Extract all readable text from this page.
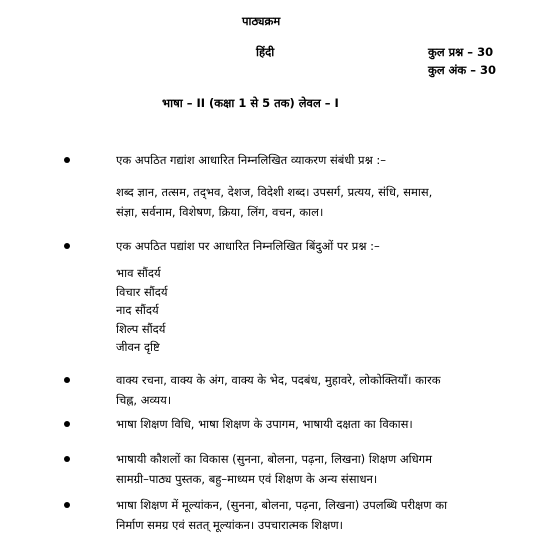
पाठ्यक्रम
हिंदी	कुल प्रश्न – 30
कुल अंक – 30
भाषा – II (कक्षा 1 से 5 तक) लेवल – I
एक अपठित गद्यांश आधारित निम्नलिखित व्याकरण संबंधी प्रश्न :–
शब्द ज्ञान, तत्सम, तद्‌भव, देशज, विदेशी शब्द। उपसर्ग, प्रत्यय, संधि, समास,
संज्ञा, सर्वनाम, विशेषण, क्रिया, लिंग, वचन, काल।
एक अपठित पद्यांश पर आधारित निम्नलिखित बिंदुओं पर प्रश्न :–
भाव सौंदर्य
विचार सौंदर्य
नाद सौंदर्य
शिल्प सौंदर्य
जीवन दृष्टि
वाक्य रचना, वाक्य के अंग, वाक्य के भेद, पदबंध, मुहावरे, लोकोक्तियाँ। कारक
चिह्न, अव्यय।
भाषा शिक्षण विधि, भाषा शिक्षण के उपागम, भाषायी दक्षता का विकास।
भाषायी कौशलों का विकास (सुनना, बोलना, पढ़ना, लिखना) शिक्षण अधिगम
सामग्री–पाठ्य पुस्तक, बहु–माध्यम एवं शिक्षण के अन्य संसाधन।
भाषा शिक्षण में मूल्यांकन, (सुनना, बोलना, पढ़ना, लिखना) उपलब्धि परीक्षण का
निर्माण समग्र एवं सतत्‌ मूल्यांकन। उपचारात्मक शिक्षण।
